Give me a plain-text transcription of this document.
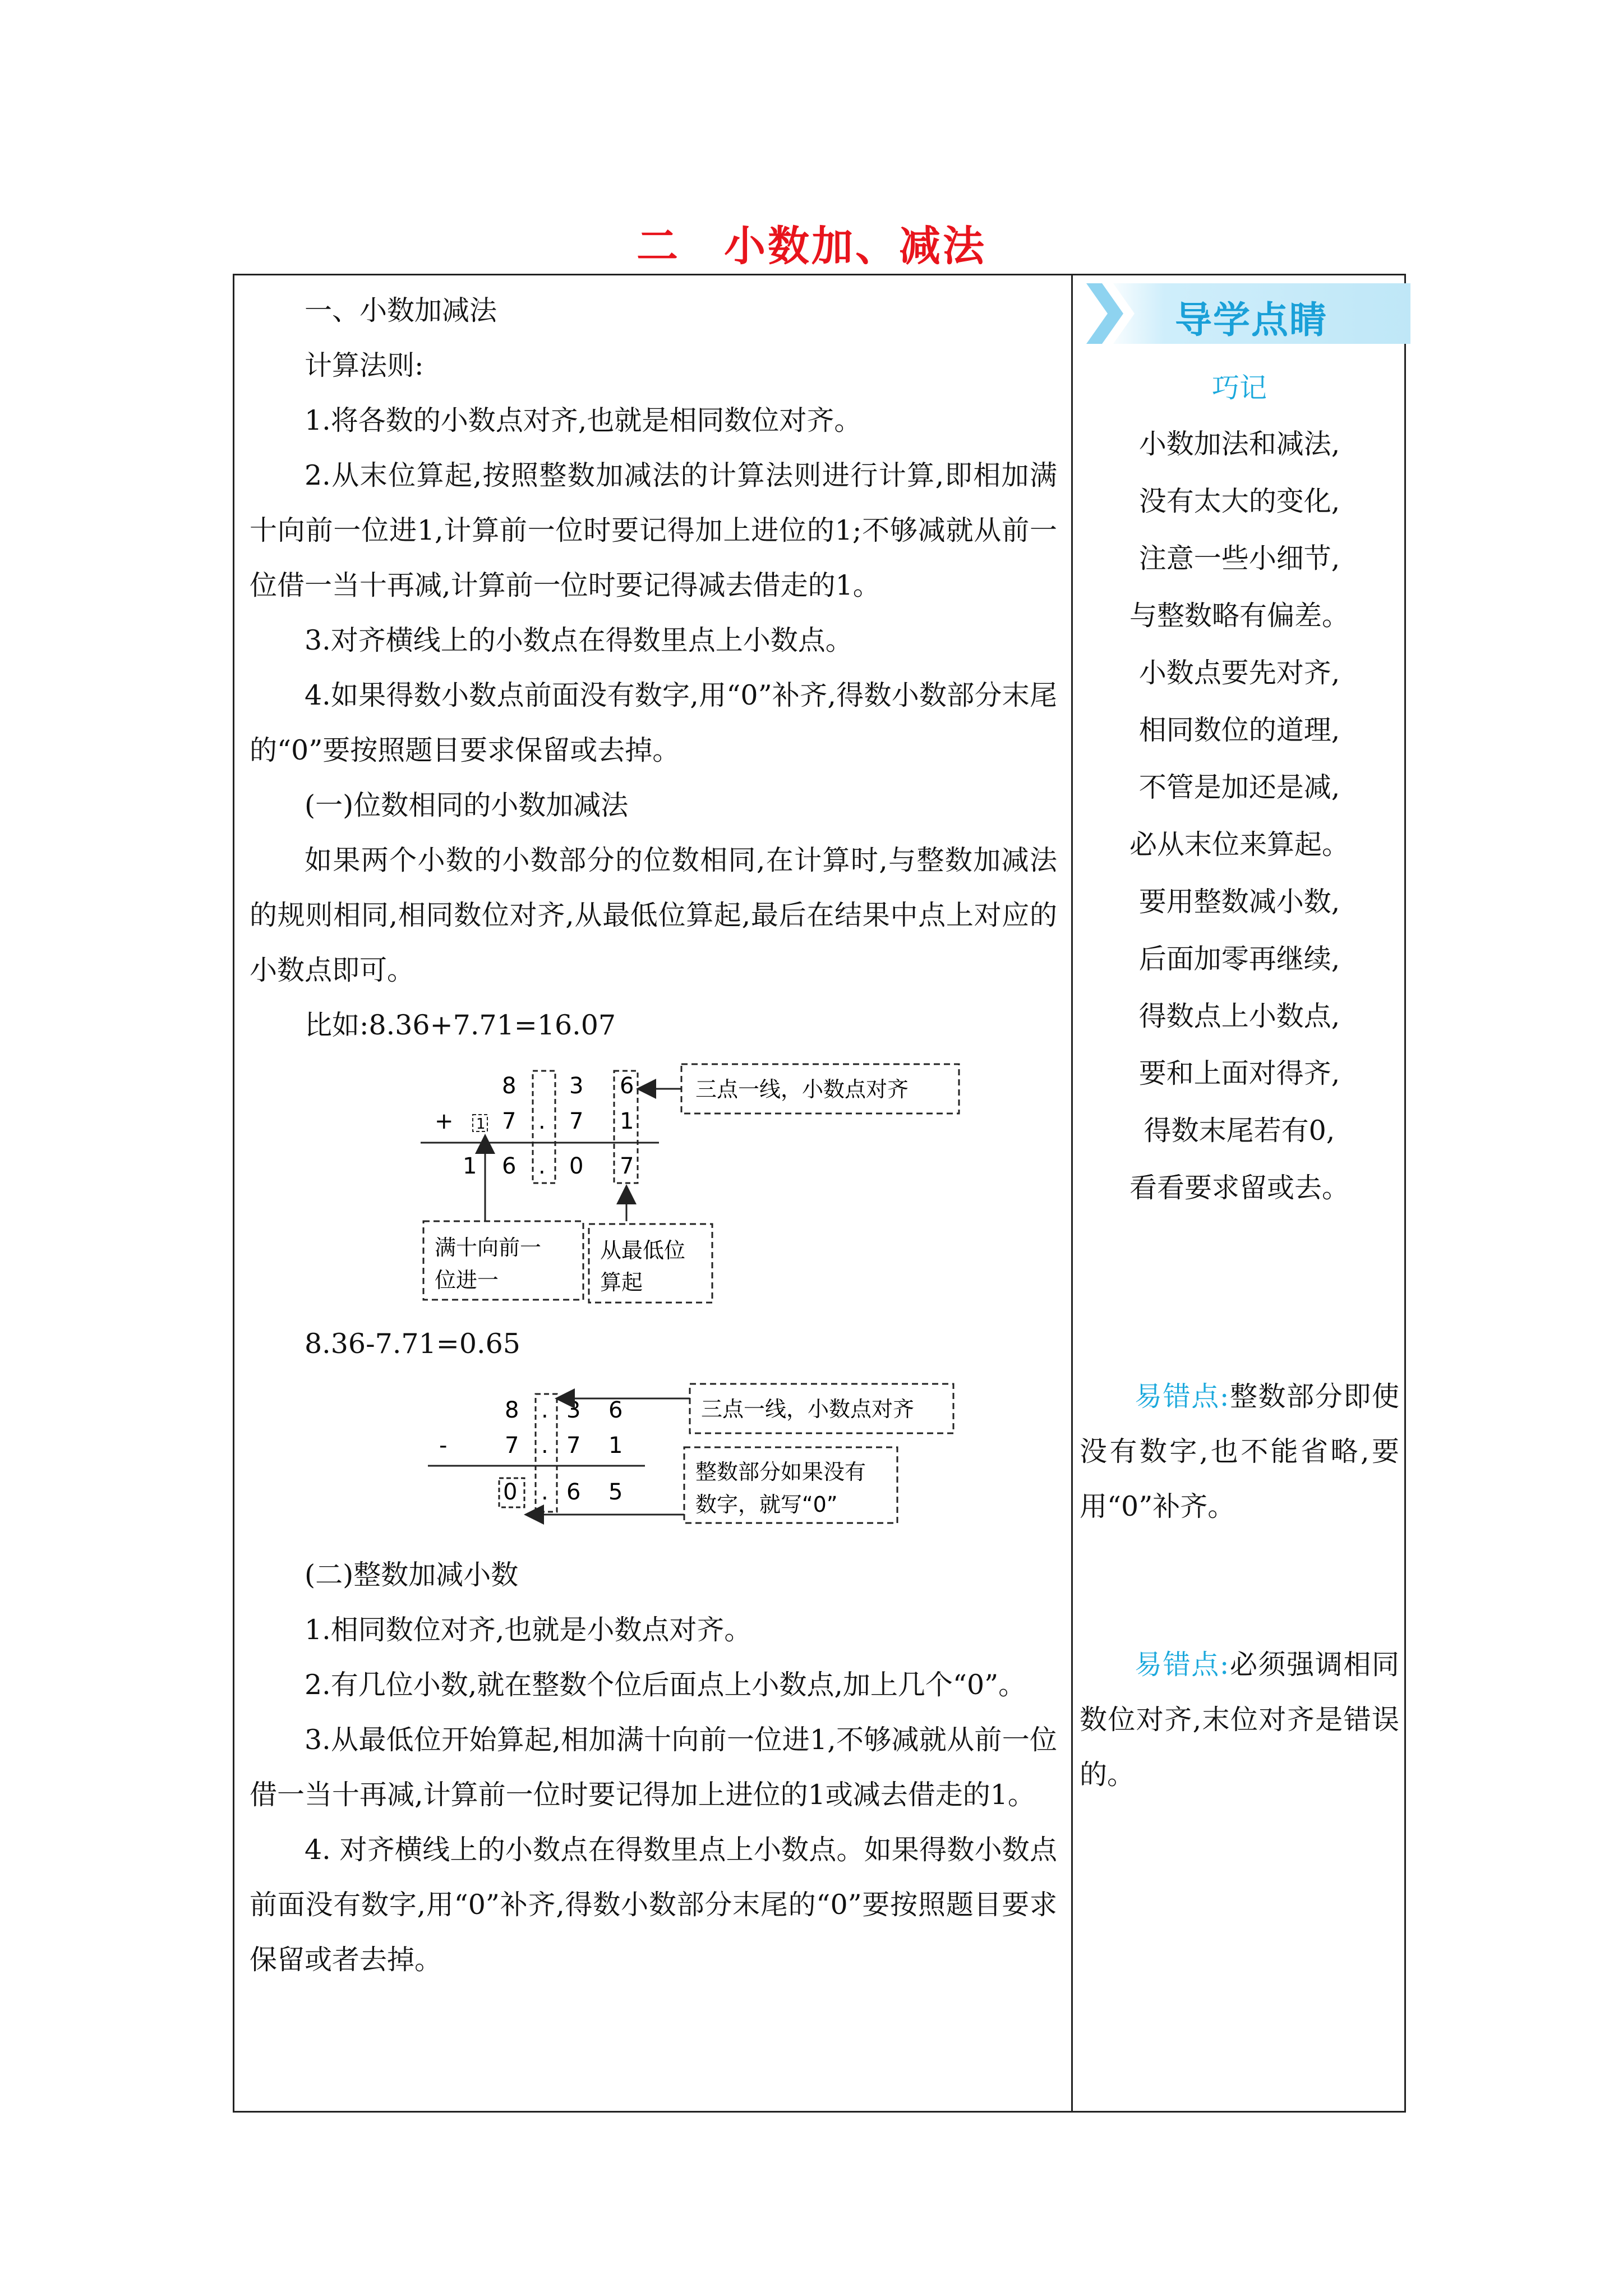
二　小数加、减法

一、小数加减法

计算法则:

1.将各数的小数点对齐,也就是相同数位对齐。

2.从末位算起,按照整数加减法的计算法则进行计算,即相加满十向前一位进1,计算前一位时要记得加上进位的1;不够减就从前一位借一当十再减,计算前一位时要记得减去借走的1。

3.对齐横线上的小数点在得数里点上小数点。

4.如果得数小数点前面没有数字,用“0”补齐,得数小数部分末尾的“0”要按照题目要求保留或去掉。

(一)位数相同的小数加减法

如果两个小数的小数部分的位数相同,在计算时,与整数加减法的规则相同,相同数位对齐,从最低位算起,最后在结果中点上对应的小数点即可。

比如:8.36+7.71=16.07

8 3 6
+ 1 7 . 7 1
1 6 . 0 7
三点一线，小数点对齐
满十向前一
位进一
从最低位
算起

8.36-7.71=0.65

8 . 3 6
-	7 . 7 1
0 . 6 5
三点一线，小数点对齐
整数部分如果没有
数字，就写“0”

(二)整数加减小数

1.相同数位对齐,也就是小数点对齐。

2.有几位小数,就在整数个位后面点上小数点,加上几个“0”。

3.从最低位开始算起,相加满十向前一位进1,不够减就从前一位借一当十再减,计算前一位时要记得加上进位的1或减去借走的1。

4. 对齐横线上的小数点在得数里点上小数点。如果得数小数点前面没有数字,用“0”补齐,得数小数部分末尾的“0”要按照题目要求保留或者去掉。

导学点睛
巧记

小数加法和减法,

没有太大的变化,

注意一些小细节,

与整数略有偏差。

小数点要先对齐,

相同数位的道理,

不管是加还是减,

必从末位来算起。

要用整数减小数,

后面加零再继续,

得数点上小数点,

要和上面对得齐,

得数末尾若有0,

看看要求留或去。

易错点:整数部分即使没有数字,也不能省略,要用“0”补齐。

易错点:必须强调相同数位对齐,末位对齐是错误的。
